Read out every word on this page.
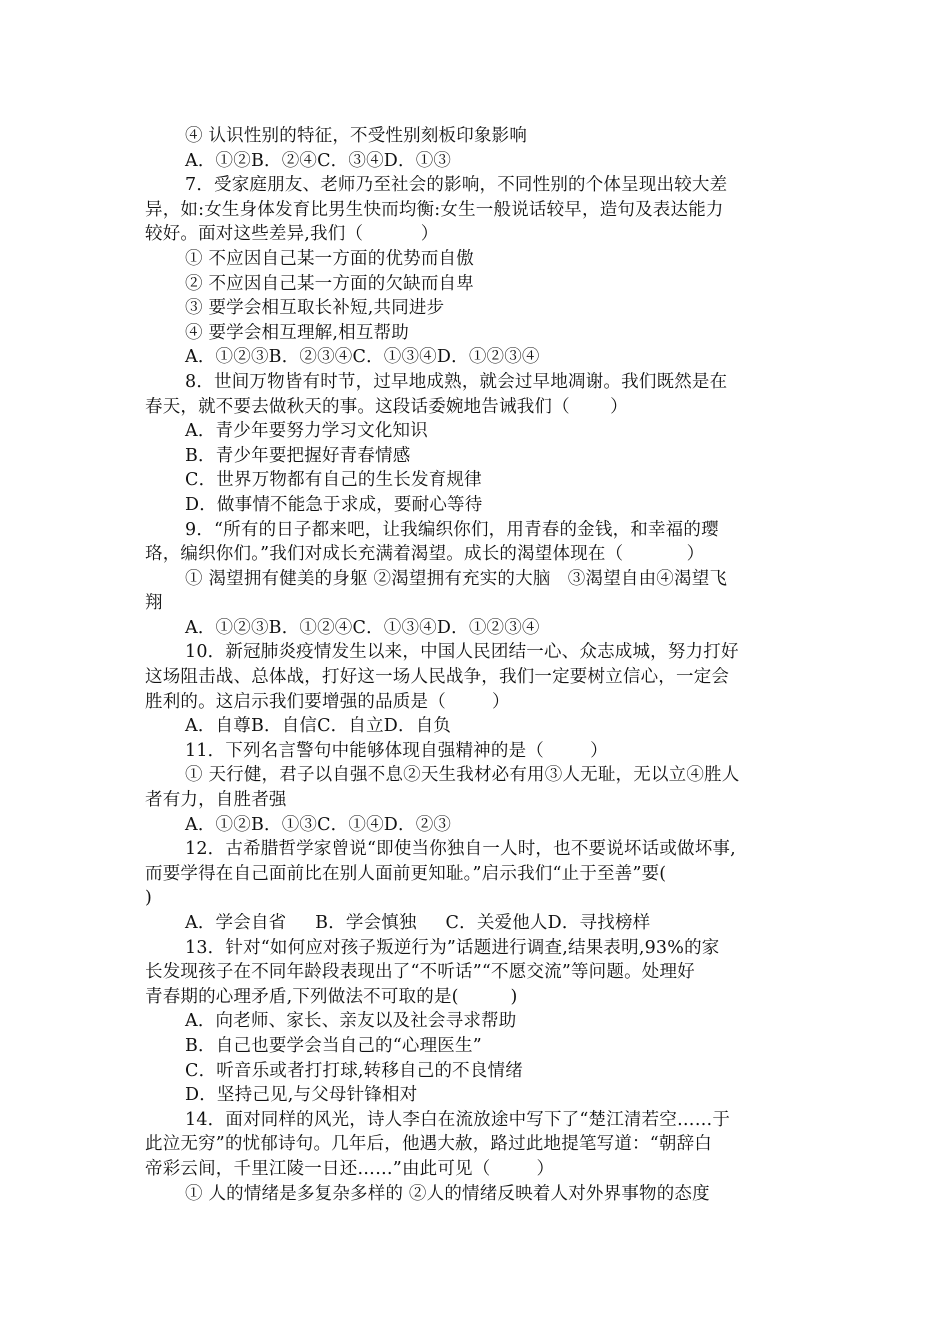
④ 认识性别的特征，不受性别刻板印象影响
A．①②B．②④C．③④D．①③
7．受家庭朋友、老师乃至社会的影响，不同性别的个体呈现出较大差
异，如:女生身体发育比男生快而均衡:女生一般说话较早，造句及表达能力
较好。面对这些差异,我们（          ）
① 不应因自己某一方面的优势而自傲
② 不应因自己某一方面的欠缺而自卑
③ 要学会相互取长补短,共同进步
④ 要学会相互理解,相互帮助
A．①②③B．②③④C．①③④D．①②③④
8．世间万物皆有时节，过早地成熟，就会过早地凋谢。我们既然是在
春天，就不要去做秋天的事。这段话委婉地告诫我们（       ）
A．青少年要努力学习文化知识
B．青少年要把握好青春情感
C．世界万物都有自己的生长发育规律
D．做事情不能急于求成，要耐心等待
9．“所有的日子都来吧，让我编织你们，用青春的金钱，和幸福的璎
珞，编织你们。”我们对成长充满着渴望。成长的渴望体现在（           ）
① 渴望拥有健美的身躯 ②渴望拥有充实的大脑   ③渴望自由④渴望飞
翔
A．①②③B．①②④C．①③④D．①②③④
10．新冠肺炎疫情发生以来，中国人民团结一心、众志成城，努力打好
这场阻击战、总体战，打好这一场人民战争，我们一定要树立信心，一定会
胜利的。这启示我们要增强的品质是（        ）
A．自尊B．自信C．自立D．自负
11．下列名言警句中能够体现自强精神的是（        ）
① 天行健，君子以自强不息②天生我材必有用③人无耻，无以立④胜人
者有力，自胜者强
A．①②B．①③C．①④D．②③
12．古希腊哲学家曾说“即使当你独自一人时，也不要说坏话或做坏事,
而要学得在自己面前比在别人面前更知耻。”启示我们“止于至善”要(
)
A．学会自省     B．学会慎独     C．关爱他人D．寻找榜样
13．针对“如何应对孩子叛逆行为”话题进行调查,结果表明,93%的家
长发现孩子在不同年龄段表现出了“不听话”“不愿交流”等问题。处理好
青春期的心理矛盾,下列做法不可取的是(         )
A．向老师、家长、亲友以及社会寻求帮助
B．自己也要学会当自己的“心理医生”
C．听音乐或者打打球,转移自己的不良情绪
D．坚持己见,与父母针锋相对
14．面对同样的风光，诗人李白在流放途中写下了“楚江清若空……于
此泣无穷”的忧郁诗句。几年后，他遇大赦，路过此地提笔写道：“朝辞白
帝彩云间，千里江陵一日还……”由此可见（        ）
① 人的情绪是多复杂多样的 ②人的情绪反映着人对外界事物的态度
